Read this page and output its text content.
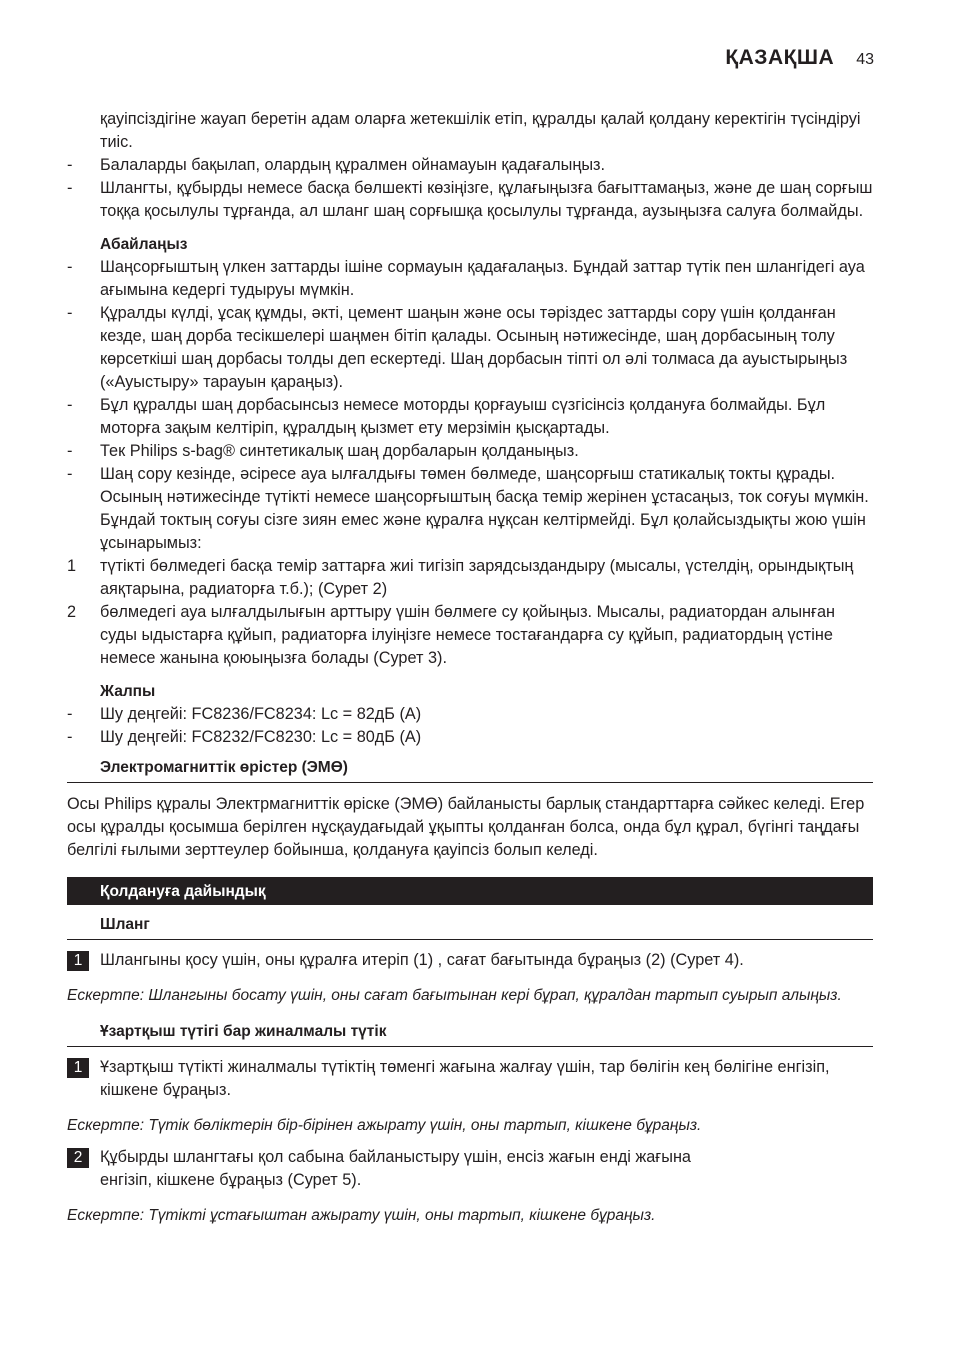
ҚАЗАҚША 43

қауіпсіздігіне жауап беретін адам оларға жетекшілік етіп, құралды қалай қолдану керектігін түсіндіруі тиіс.

-	Балаларды бақылап, олардың құралмен ойнамауын қадағалыңыз.
-	Шлангты, құбырды немесе басқа бөлшекті көзіңізге, құлағыңызға бағыттамаңыз, және де шаң сорғыш тоққа қосылулы тұрғанда, ал шланг шаң сорғышқа қосылулы тұрғанда, аузыңызға салуға болмайды.
Абайлаңыз
-	Шаңсорғыштың үлкен заттарды ішіне сормауын қадағалаңыз. Бұндай заттар түтік пен шлангідегі ауа ағымына кедергі тудыруы мүмкін.
-	Құралды күлді, ұсақ құмды, әкті, цемент шаңын және осы тәріздес заттарды сору үшін қолданған кезде, шаң дорба тесікшелері шаңмен бітіп қалады. Осының нәтижесінде, шаң дорбасының толу көрсеткіші шаң дорбасы толды деп ескертеді. Шаң дорбасын тіпті ол әлі толмаса да ауыстырыңыз («Ауыстыру» тарауын қараңыз).
-	Бұл құралды шаң дорбасынсыз немесе моторды қорғауыш сүзгісінсіз қолдануға болмайды. Бұл моторға зақым келтіріп, құралдың қызмет ету мерзімін қысқартады.
-	Тек Philips s-bag® синтетикалық шаң дорбаларын қолданыңыз.
-	Шаң сору кезінде, әсіресе ауа ылғалдығы төмен бөлмеде, шаңсорғыш статикалық токты құрады. Осының нәтижесінде түтікті немесе шаңсорғыштың басқа темір жерінен ұстасаңыз, ток соғуы мүмкін. Бұндай токтың соғуы сізге зиян емес және құралға нұқсан келтірмейді. Бұл қолайсыздықты жою үшін ұсынарымыз:
1	түтікті бөлмедегі басқа темір заттарға жиі тигізіп зарядсыздандыру (мысалы, үстелдің, орындықтың аяқтарына, радиаторға т.б.); (Сурет 2)
2	бөлмедегі ауа ылғалдылығын арттыру үшін бөлмеге су қойыңыз. Мысалы, радиатордан алынған суды ыдыстарға құйып, радиаторға ілуіңізге немесе тостағандарға су құйып, радиатордың үстіне немесе жанына қоюыңызға болады (Сурет 3).
Жалпы
-	Шу деңгейі: FC8236/FC8234: Lc = 82дБ (A)
-	Шу деңгейі: FC8232/FC8230: Lc = 80дБ (A)
Электромагниттік өрістер (ЭМӨ)

Осы Philips құралы Электрмагниттік өріске (ЭМӨ) байланысты барлық стандарттарға сәйкес келеді. Егер осы құралды қосымша берілген нұсқаудағыдай ұқыпты қолданған болса, онда бұл құрал, бүгінгі таңдағы белгілі ғылыми зерттеулер бойынша, қолдануға қауіпсіз болып келеді.

Қолдануға дайындық
Шланг
1	Шлангыны қосу үшін, оны құралға итеріп (1) , сағат бағытында бұраңыз (2) (Сурет 4).
Ескертпе: Шлангыны босату үшін, оны сағат бағытынан кері бұрап, құралдан тартып суырып алыңыз.
Ұзартқыш түтігі бар жиналмалы түтік
1	Ұзартқыш түтікті жиналмалы түтіктің төменгі жағына жалғау үшін, тар бөлігін кең бөлігіне енгізіп, кішкене бұраңыз.
Ескертпе: Түтік бөліктерін бір-бірінен ажырату үшін, оны тартып, кішкене бұраңыз.
2	Құбырды шлангтағы қол сабына байланыстыру үшін, енсіз жағын енді жағына енгізіп, кішкене бұраңыз (Сурет 5).
Ескертпе: Түтікті ұстағыштан ажырату үшін, оны тартып, кішкене бұраңыз.
